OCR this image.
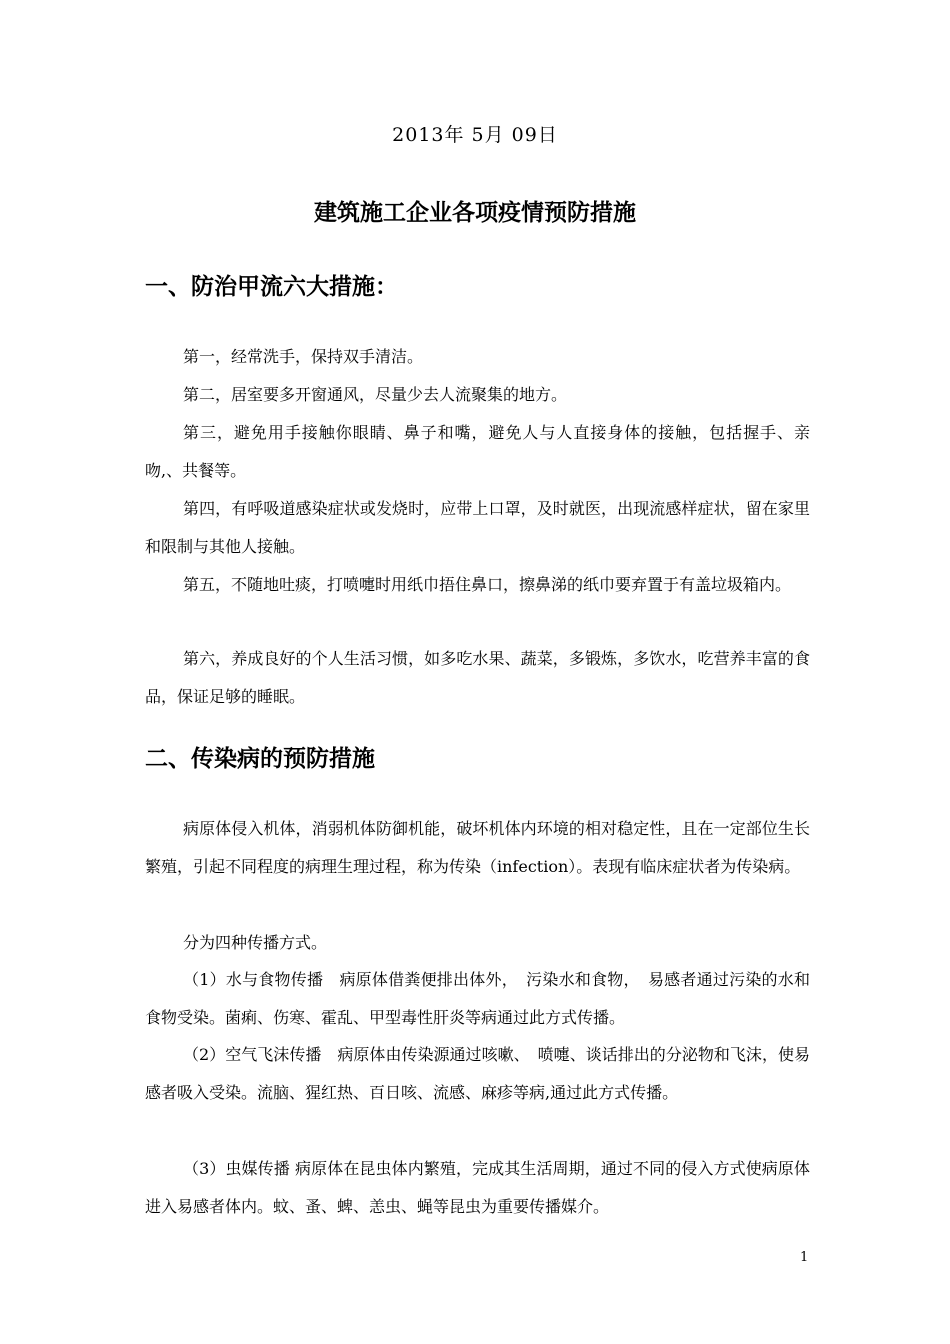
2013年 5月 09日
建筑施工企业各项疫情预防措施
一、防治甲流六大措施：

第一，经常洗手，保持双手清洁。

第二，居室要多开窗通风，尽量少去人流聚集的地方。

第三，避免用手接触你眼睛、鼻子和嘴，避免人与人直接身体的接触，包括握手、亲吻,、共餐等。

第四，有呼吸道感染症状或发烧时，应带上口罩，及时就医，出现流感样症状，留在家里和限制与其他人接触。

第五，不随地吐痰，打喷嚏时用纸巾捂住鼻口，擦鼻涕的纸巾要弃置于有盖垃圾箱内。

第六，养成良好的个人生活习惯，如多吃水果、蔬菜，多锻炼，多饮水，吃营养丰富的食品，保证足够的睡眠。

二、传染病的预防措施

病原体侵入机体，消弱机体防御机能，破坏机体内环境的相对稳定性，且在一定部位生长繁殖，引起不同程度的病理生理过程，称为传染（infection）。表现有临床症状者为传染病。

分为四种传播方式。

（1）水与食物传播　病原体借粪便排出体外，　污染水和食物，　易感者通过污染的水和食物受染。菌痢、伤寒、霍乱、甲型毒性肝炎等病通过此方式传播。

（2）空气飞沫传播　病原体由传染源通过咳嗽、　喷嚏、谈话排出的分泌物和飞沫，使易感者吸入受染。流脑、猩红热、百日咳、流感、麻疹等病,通过此方式传播。

（3）虫媒传播 病原体在昆虫体内繁殖，完成其生活周期，通过不同的侵入方式使病原体进入易感者体内。蚊、蚤、蜱、恙虫、蝇等昆虫为重要传播媒介。

1
